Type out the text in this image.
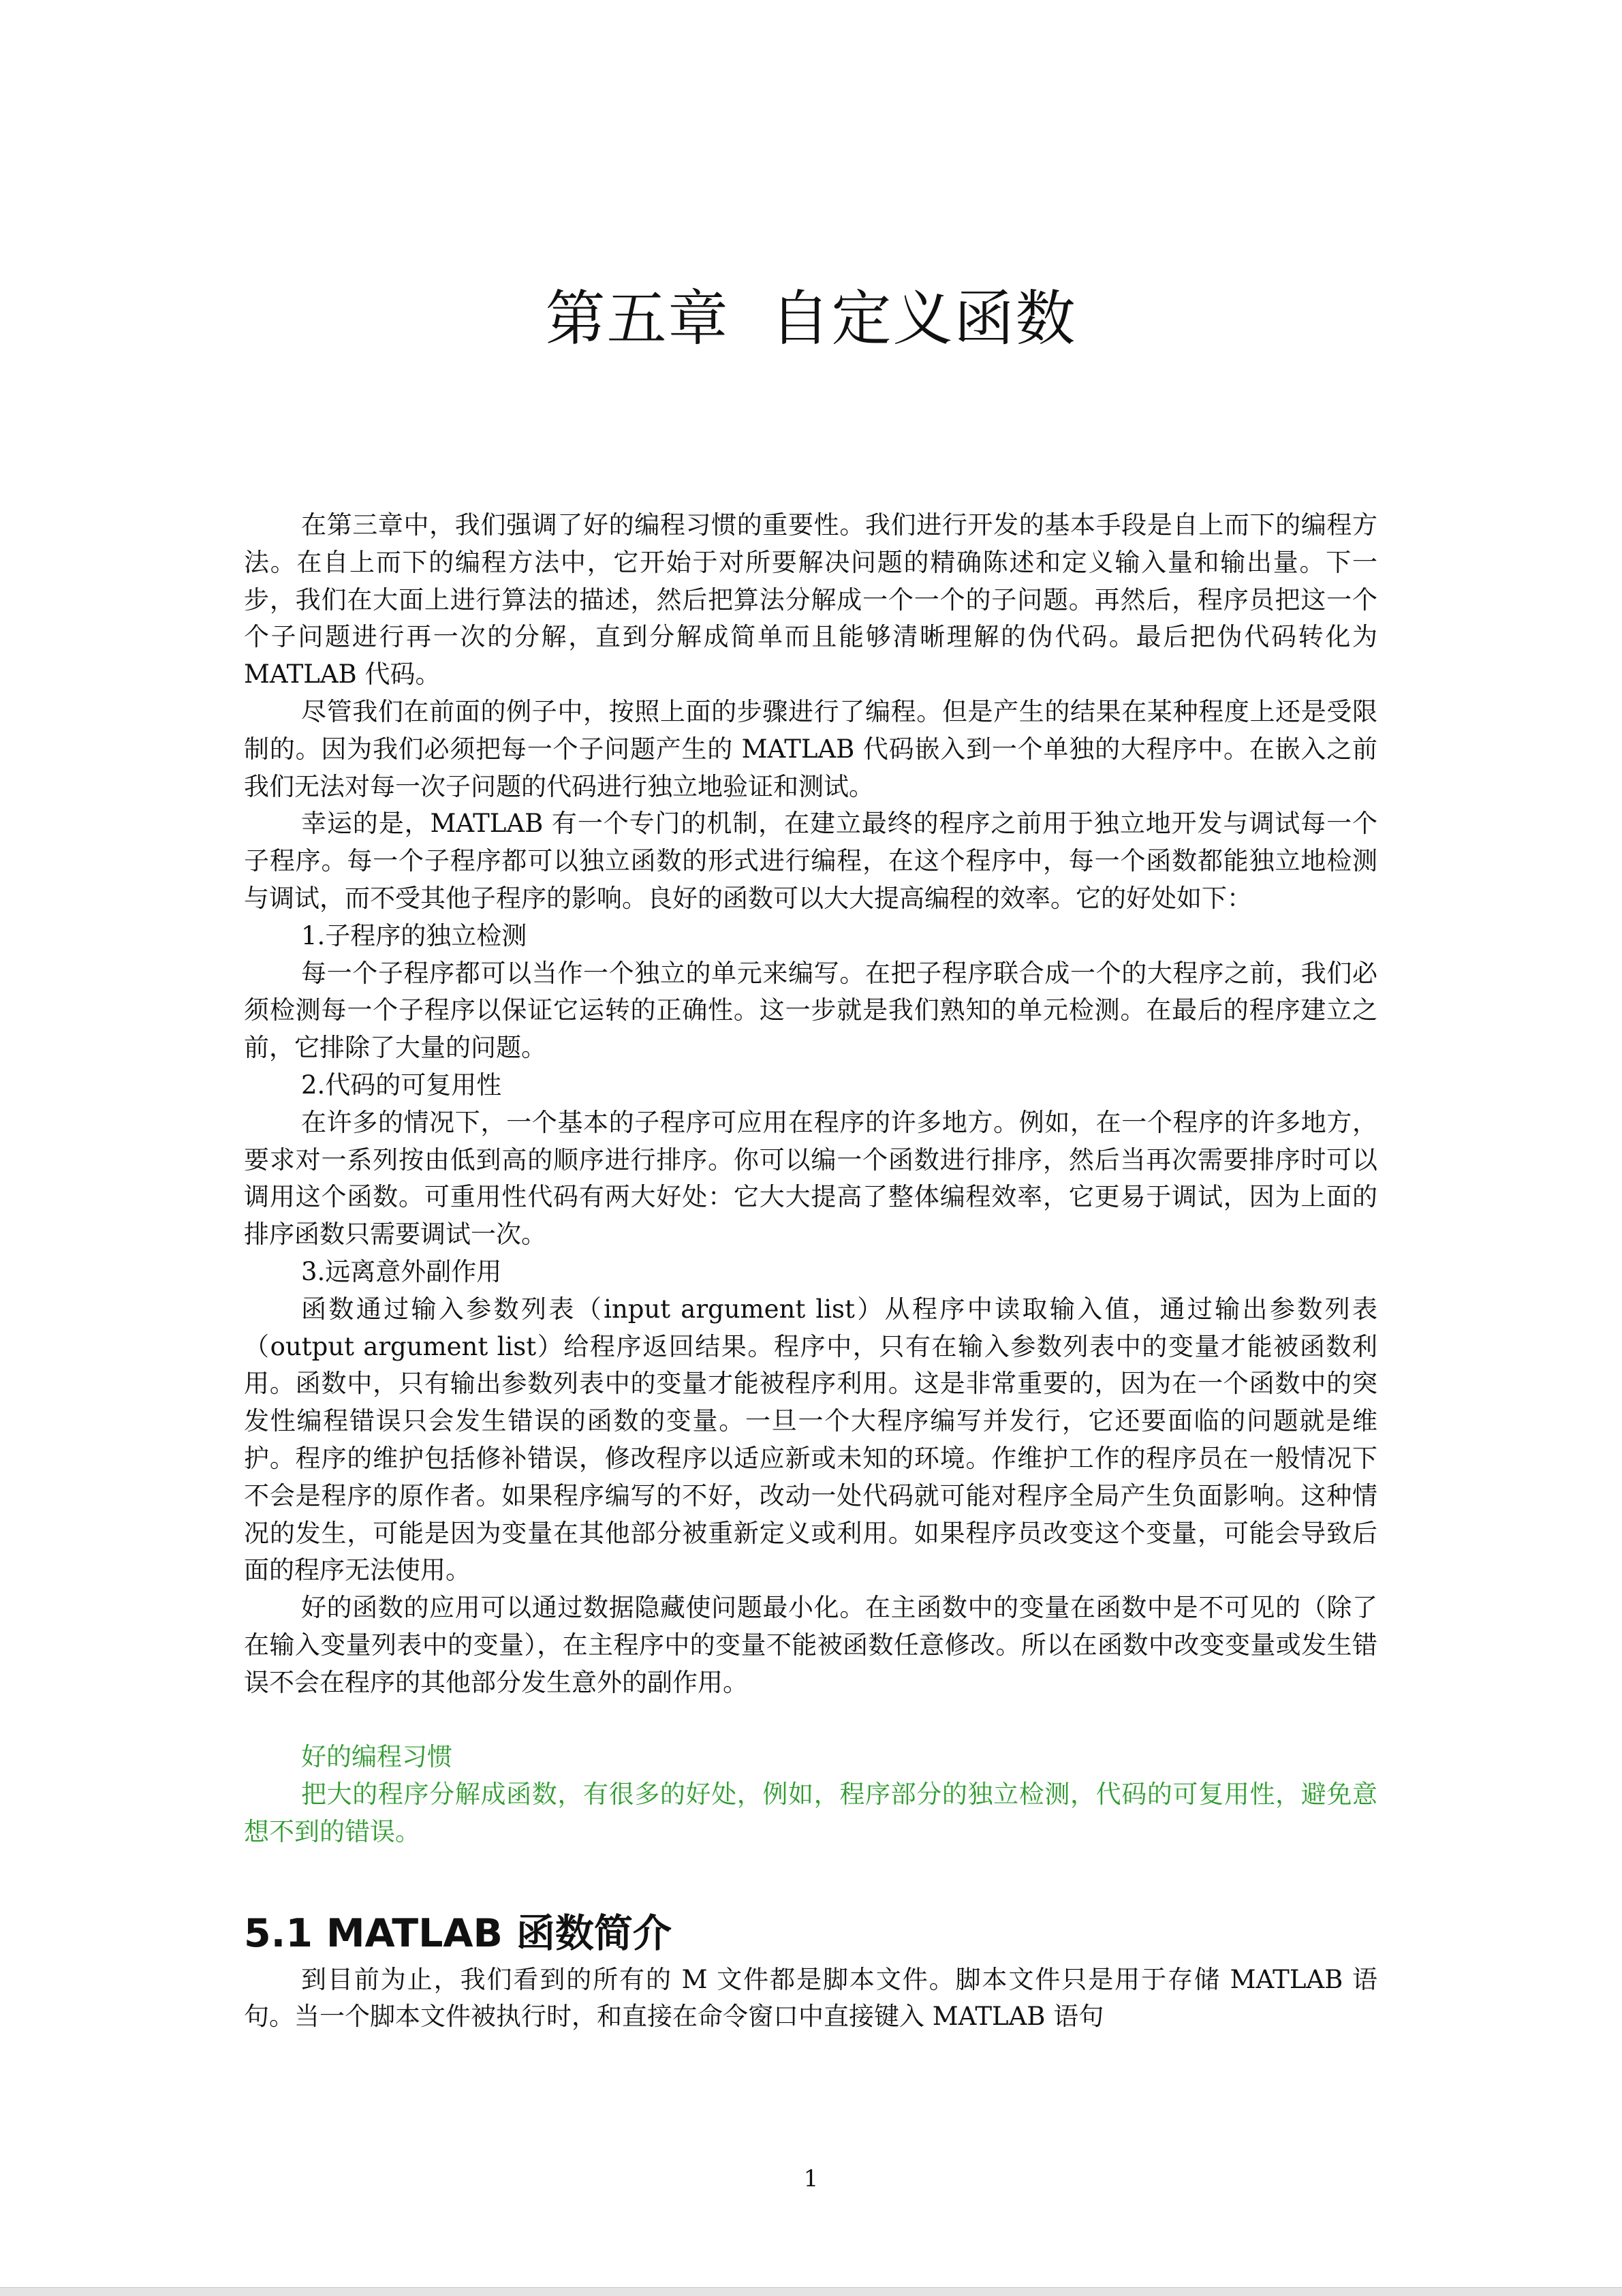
第五章  自定义函数

在第三章中，我们强调了好的编程习惯的重要性。我们进行开发的基本手段是自上而下的编程方法。在自上而下的编程方法中，它开始于对所要解决问题的精确陈述和定义输入量和输出量。下一步，我们在大面上进行算法的描述，然后把算法分解成一个一个的子问题。再然后，程序员把这一个个子问题进行再一次的分解，直到分解成简单而且能够清晰理解的伪代码。最后把伪代码转化为 MATLAB 代码。

尽管我们在前面的例子中，按照上面的步骤进行了编程。但是产生的结果在某种程度上还是受限制的。因为我们必须把每一个子问题产生的 MATLAB 代码嵌入到一个单独的大程序中。在嵌入之前我们无法对每一次子问题的代码进行独立地验证和测试。

幸运的是，MATLAB 有一个专门的机制，在建立最终的程序之前用于独立地开发与调试每一个子程序。每一个子程序都可以独立函数的形式进行编程，在这个程序中，每一个函数都能独立地检测与调试，而不受其他子程序的影响。良好的函数可以大大提高编程的效率。它的好处如下：

1.子程序的独立检测

每一个子程序都可以当作一个独立的单元来编写。在把子程序联合成一个的大程序之前，我们必须检测每一个子程序以保证它运转的正确性。这一步就是我们熟知的单元检测。在最后的程序建立之前，它排除了大量的问题。

2.代码的可复用性

在许多的情况下，一个基本的子程序可应用在程序的许多地方。例如，在一个程序的许多地方，要求对一系列按由低到高的顺序进行排序。你可以编一个函数进行排序，然后当再次需要排序时可以调用这个函数。可重用性代码有两大好处：它大大提高了整体编程效率，它更易于调试，因为上面的排序函数只需要调试一次。

3.远离意外副作用

函数通过输入参数列表（input argument list）从程序中读取输入值，通过输出参数列表（output argument list）给程序返回结果。程序中，只有在输入参数列表中的变量才能被函数利用。函数中，只有输出参数列表中的变量才能被程序利用。这是非常重要的，因为在一个函数中的突发性编程错误只会发生错误的函数的变量。一旦一个大程序编写并发行，它还要面临的问题就是维护。程序的维护包括修补错误，修改程序以适应新或未知的环境。作维护工作的程序员在一般情况下不会是程序的原作者。如果程序编写的不好，改动一处代码就可能对程序全局产生负面影响。这种情况的发生，可能是因为变量在其他部分被重新定义或利用。如果程序员改变这个变量，可能会导致后面的程序无法使用。

好的函数的应用可以通过数据隐藏使问题最小化。在主函数中的变量在函数中是不可见的（除了在输入变量列表中的变量），在主程序中的变量不能被函数任意修改。所以在函数中改变变量或发生错误不会在程序的其他部分发生意外的副作用。

好的编程习惯

把大的程序分解成函数，有很多的好处，例如，程序部分的独立检测，代码的可复用性，避免意想不到的错误。

5.1 MATLAB 函数简介

到目前为止，我们看到的所有的 M 文件都是脚本文件。脚本文件只是用于存储 MATLAB 语句。当一个脚本文件被执行时，和直接在命令窗口中直接键入 MATLAB 语句

1
